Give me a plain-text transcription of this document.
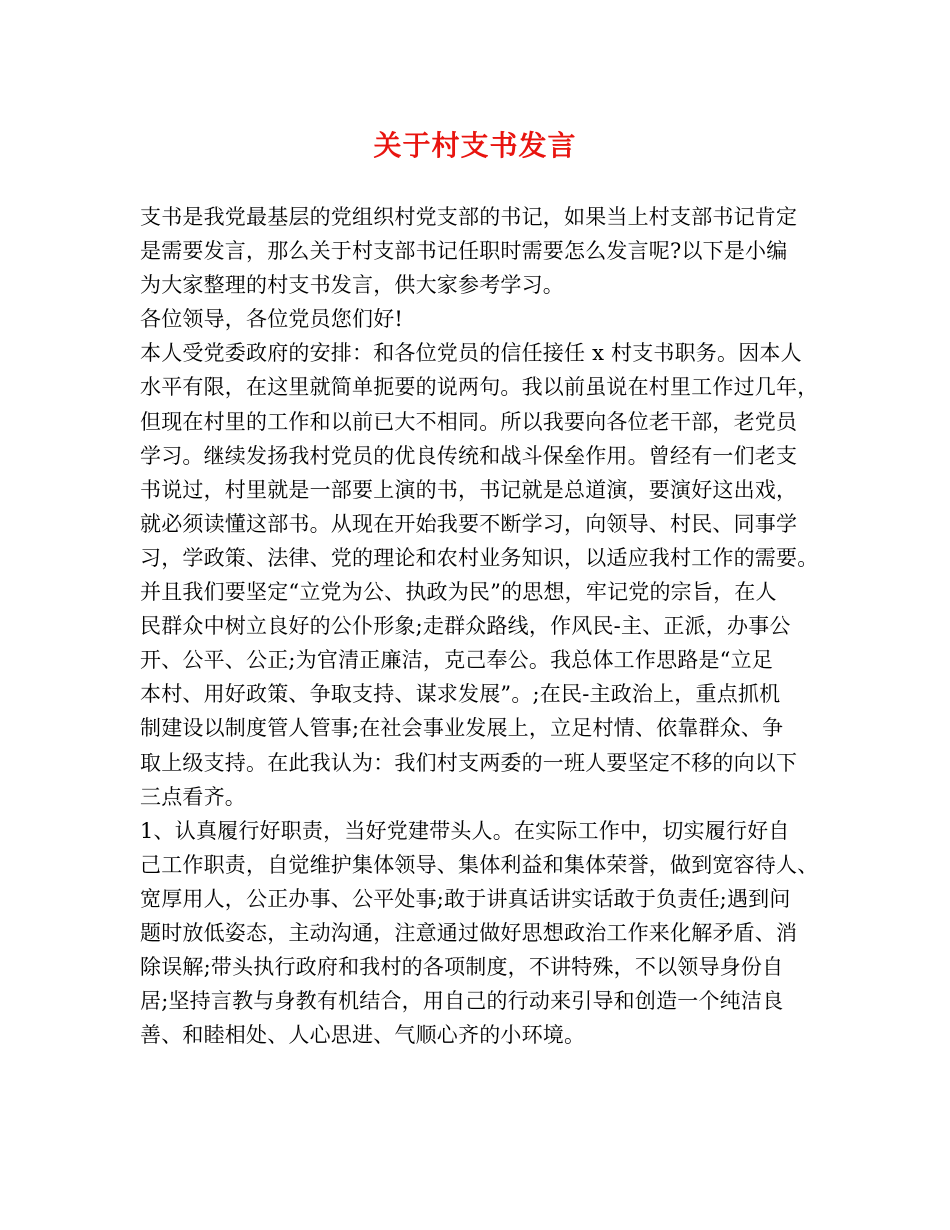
关于村支书发言
支书是我党最基层的党组织村党支部的书记，如果当上村支部书记肯定
是需要发言，那么关于村支部书记任职时需要怎么发言呢?以下是小编
为大家整理的村支书发言，供大家参考学习。
各位领导，各位党员您们好!
本人受党委政府的安排：和各位党员的信任接任 x 村支书职务。因本人
水平有限，在这里就简单扼要的说两句。我以前虽说在村里工作过几年，
但现在村里的工作和以前已大不相同。所以我要向各位老干部，老党员
学习。继续发扬我村党员的优良传统和战斗保垒作用。曾经有一们老支
书说过，村里就是一部要上演的书，书记就是总道演，要演好这出戏，
就必须读懂这部书。从现在开始我要不断学习，向领导、村民、同事学
习，学政策、法律、党的理论和农村业务知识，以适应我村工作的需要。
并且我们要坚定“立党为公、执政为民”的思想，牢记党的宗旨，在人
民群众中树立良好的公仆形象;走群众路线，作风民-主、正派，办事公
开、公平、公正;为官清正廉洁，克己奉公。我总体工作思路是“立足
本村、用好政策、争取支持、谋求发展”。;在民-主政治上，重点抓机
制建设以制度管人管事;在社会事业发展上，立足村情、依靠群众、争
取上级支持。在此我认为：我们村支两委的一班人要坚定不移的向以下
三点看齐。
1、认真履行好职责，当好党建带头人。在实际工作中，切实履行好自
己工作职责，自觉维护集体领导、集体利益和集体荣誉，做到宽容待人、
宽厚用人，公正办事、公平处事;敢于讲真话讲实话敢于负责任;遇到问
题时放低姿态，主动沟通，注意通过做好思想政治工作来化解矛盾、消
除误解;带头执行政府和我村的各项制度，不讲特殊，不以领导身份自
居;坚持言教与身教有机结合，用自己的行动来引导和创造一个纯洁良
善、和睦相处、人心思进、气顺心齐的小环境。
